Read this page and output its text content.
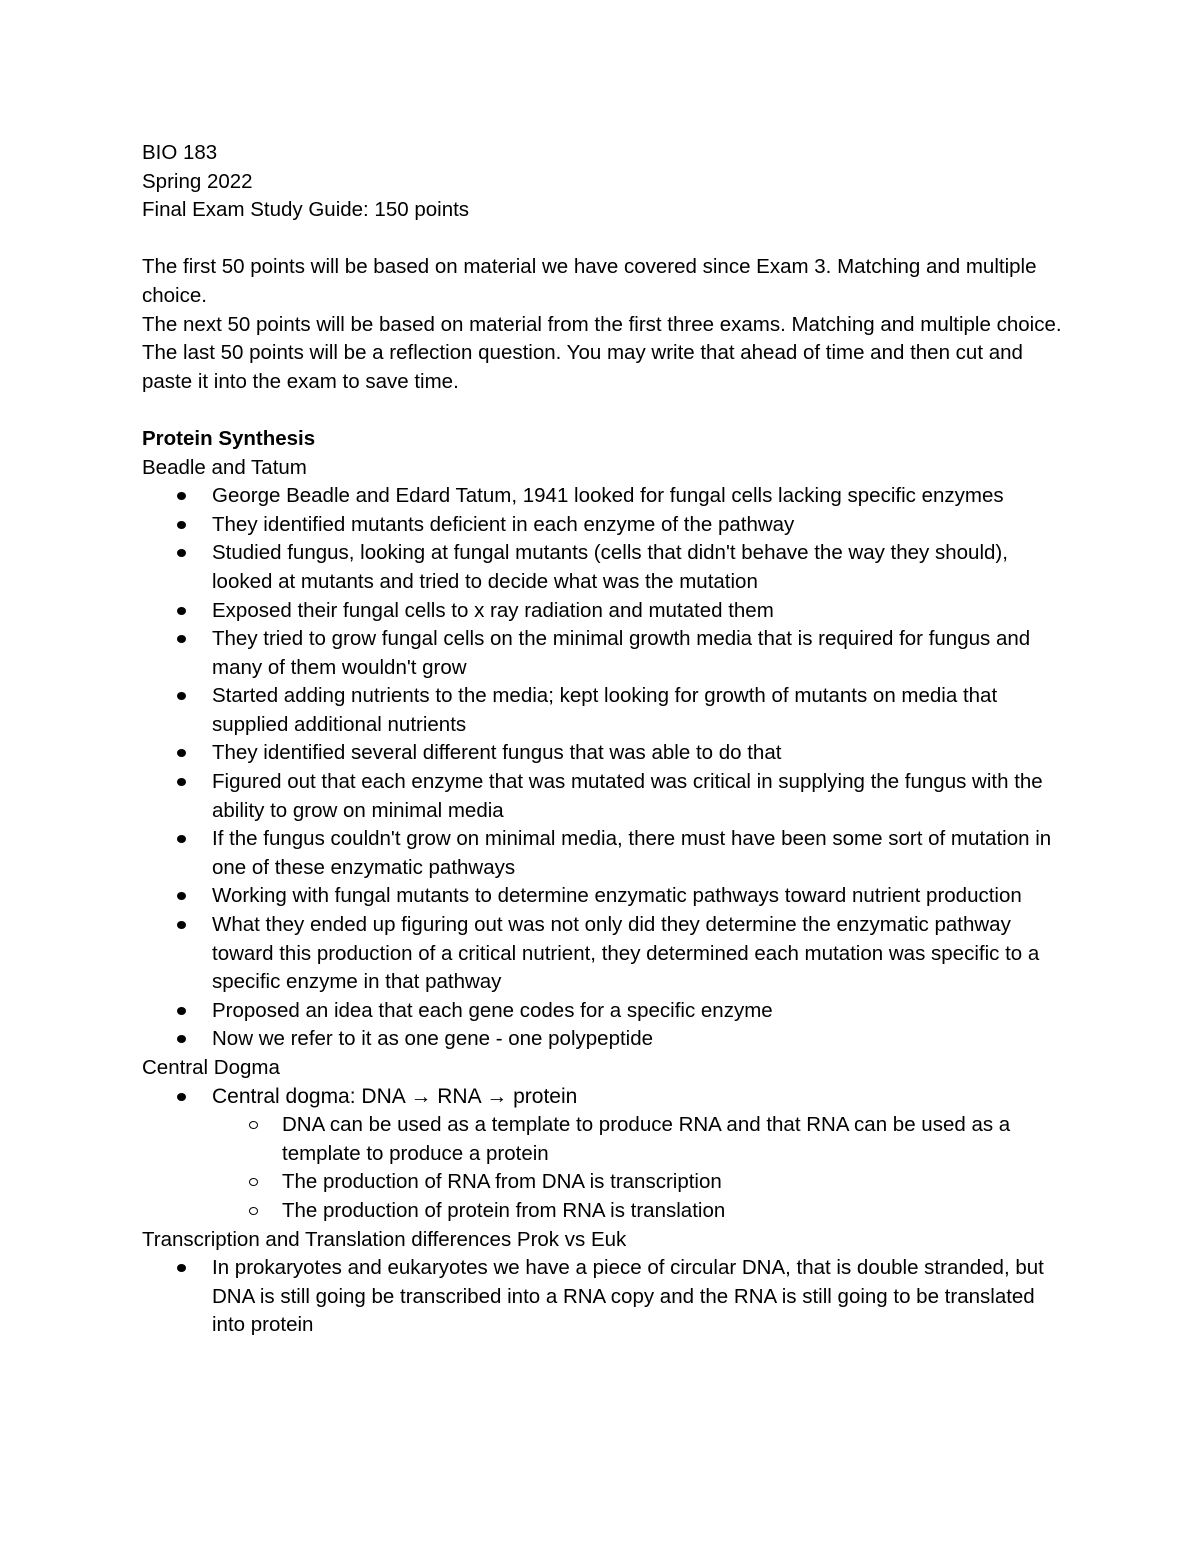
BIO 183

Spring 2022

Final Exam Study Guide: 150 points

The first 50 points will be based on material we have covered since Exam 3. Matching and multiple choice.

The next 50 points will be based on material from the first three exams. Matching and multiple choice.

The last 50 points will be a reflection question. You may write that ahead of time and then cut and paste it into the exam to save time.

Protein Synthesis

Beadle and Tatum

George Beadle and Edard Tatum, 1941 looked for fungal cells lacking specific enzymes
They identified mutants deficient in each enzyme of the pathway
Studied fungus, looking at fungal mutants (cells that didn't behave the way they should), looked at mutants and tried to decide what was the mutation
Exposed their fungal cells to x ray radiation and mutated them
They tried to grow fungal cells on the minimal growth media that is required for fungus and many of them wouldn't grow
Started adding nutrients to the media; kept looking for growth of mutants on media that supplied additional nutrients
They identified several different fungus that was able to do that
Figured out that each enzyme that was mutated was critical in supplying the fungus with the ability to grow on minimal media
If the fungus couldn't grow on minimal media, there must have been some sort of mutation in one of these enzymatic pathways
Working with fungal mutants to determine enzymatic pathways toward nutrient production
What they ended up figuring out was not only did they determine the enzymatic pathway toward this production of a critical nutrient, they determined each mutation was specific to a specific enzyme in that pathway
Proposed an idea that each gene codes for a specific enzyme
Now we refer to it as one gene - one polypeptide

Central Dogma

Central dogma: DNA → RNA → protein
DNA can be used as a template to produce RNA and that RNA can be used as a template to produce a protein
The production of RNA from DNA is transcription
The production of protein from RNA is translation

Transcription and Translation differences Prok vs Euk

In prokaryotes and eukaryotes we have a piece of circular DNA, that is double stranded, but DNA is still going be transcribed into a RNA copy and the RNA is still going to be translated into protein
